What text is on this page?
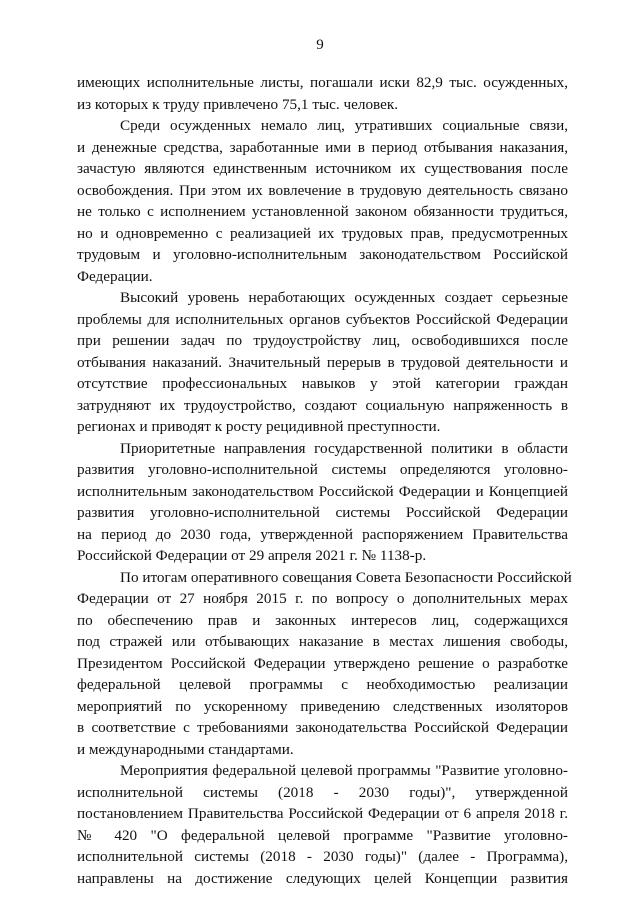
9
имеющих исполнительные листы, погашали иски 82,9 тыс. осужденных,
из которых к труду привлечено 75,1 тыс. человек.
Среди осужденных немало лиц, утративших социальные связи,
и денежные средства, заработанные ими в период отбывания наказания,
зачастую являются единственным источником их существования после
освобождения. При этом их вовлечение в трудовую деятельность связано
не только с исполнением установленной законом обязанности трудиться,
но и одновременно с реализацией их трудовых прав, предусмотренных
трудовым и уголовно-исполнительным законодательством Российской
Федерации.
Высокий уровень неработающих осужденных создает серьезные
проблемы для исполнительных органов субъектов Российской Федерации
при решении задач по трудоустройству лиц, освободившихся после
отбывания наказаний. Значительный перерыв в трудовой деятельности и
отсутствие профессиональных навыков у этой категории граждан
затрудняют их трудоустройство, создают социальную напряженность в
регионах и приводят к росту рецидивной преступности.
Приоритетные направления государственной политики в области
развития уголовно-исполнительной системы определяются уголовно-
исполнительным законодательством Российской Федерации и Концепцией
развития уголовно-исполнительной системы Российской Федерации
на период до 2030 года, утвержденной распоряжением Правительства
Российской Федерации от 29 апреля 2021 г. № 1138-р.
По итогам оперативного совещания Совета Безопасности Российской
Федерации от 27 ноября 2015 г. по вопросу о дополнительных мерах
по обеспечению прав и законных интересов лиц, содержащихся
под стражей или отбывающих наказание в местах лишения свободы,
Президентом Российской Федерации утверждено решение о разработке
федеральной целевой программы с необходимостью реализации
мероприятий по ускоренному приведению следственных изоляторов
в соответствие с требованиями законодательства Российской Федерации
и международными стандартами.
Мероприятия федеральной целевой программы "Развитие уголовно-
исполнительной системы (2018 - 2030 годы)", утвержденной
постановлением Правительства Российской Федерации от 6 апреля 2018 г.
№ 420 "О федеральной целевой программе "Развитие уголовно-
исполнительной системы (2018 - 2030 годы)" (далее - Программа),
направлены на достижение следующих целей Концепции развития
